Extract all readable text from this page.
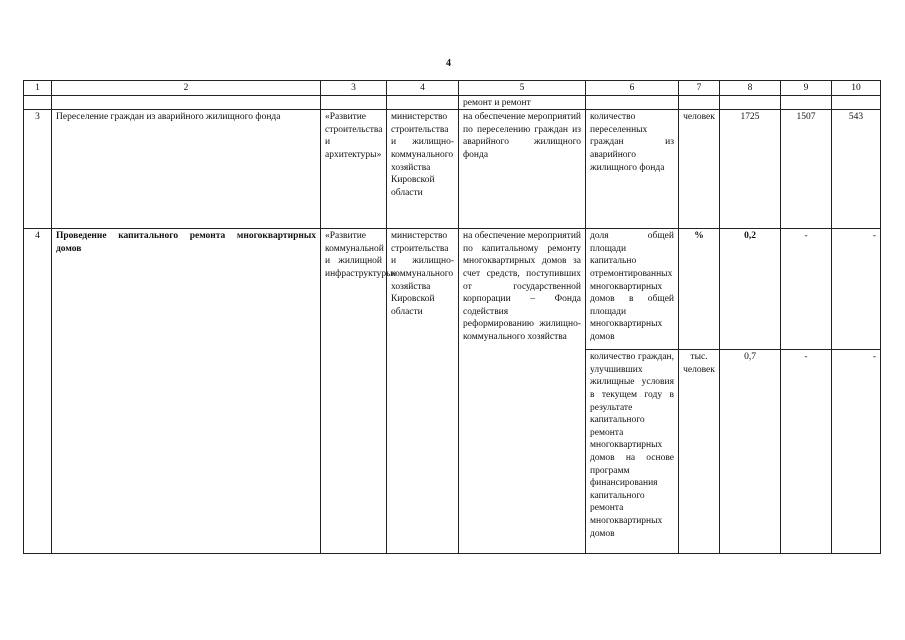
4
1	2	3	4	5	6	7	8	9	10
				ремонт и ремонт					
3	Переселение граждан из аварийного жилищного фонда	«Развитие строительства и архитектуры»	министерство строительства и жилищно-коммунального хозяйства Кировской области	на обеспечение мероприятий по переселению граждан из аварийного жилищного фонда	количество переселенных граждан из аварийного жилищного фонда	человек	1725	1507	543
4	Проведение капитального ремонта многоквартирных домов	«Развитие коммунальной и жилищной инфраструктуры»	министерство строительства и жилищно-коммунального хозяйства Кировской области	на обеспечение мероприятий по капитальному ремонту многоквартирных домов за счет средств, поступивших от государственной корпорации – Фонда содействия реформированию жилищно-коммунального хозяйства	доля общей площади капитально отремонтированных многоквартирных домов в общей площади многоквартирных домов	%	0,2	-	-
					количество граждан, улучшивших жилищные условия в текущем году в результате капитального ремонта многоквартирных домов на основе программ финансирования капитального ремонта многоквартирных домов	тыс. человек	0,7	-	-
